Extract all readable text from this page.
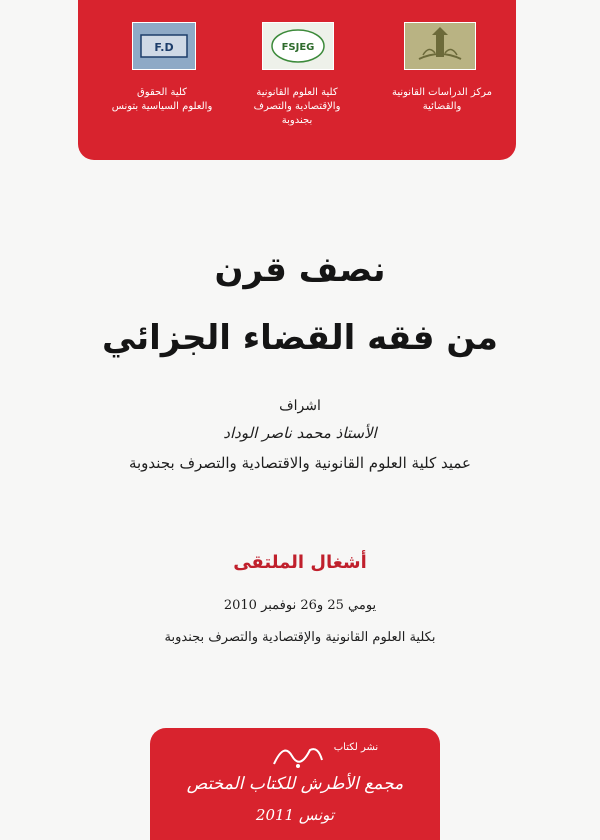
F.D	FSJEG
كلية الحقوق
والعلوم السياسية بتونس
كلية العلوم القانونية
والإقتصادية والتصرف
بجندوبة
مركز الدراسات القانونية
والقضائية
نصف قرن
من فقه القضاء الجزائي
اشراف
الأستاذ محمد ناصر الوداد
عميد كلية العلوم القانونية والاقتصادية والتصرف بجندوبة
أشغال الملتقى
يومي 25 و26 نوفمبر 2010
بكلية العلوم القانونية والإقتصادية والتصرف بجندوبة
نشر لكتاب
مجمع الأطرش للكتاب المختص
تونس 2011
